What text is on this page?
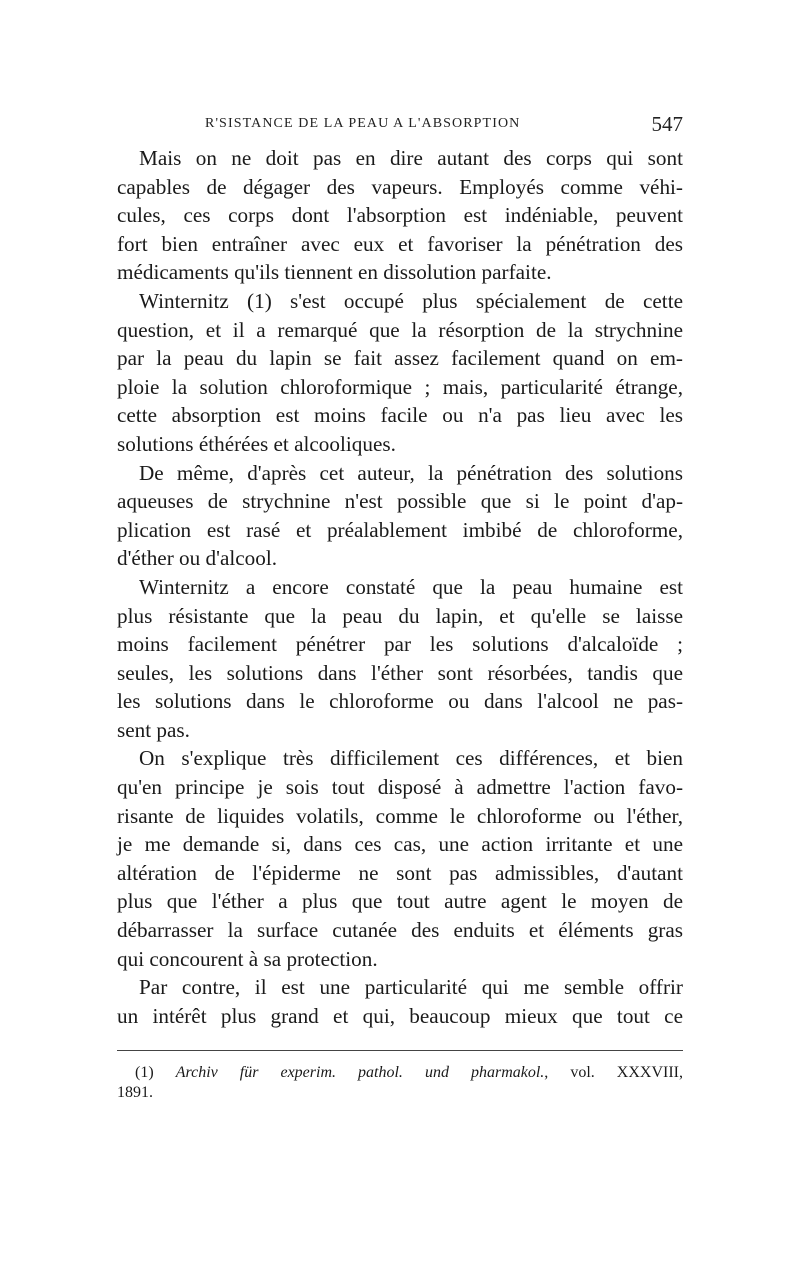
R'SISTANCE DE LA PEAU A L'ABSORPTION	547

Mais on ne doit pas en dire autant des corps qui sont
capables de dégager des vapeurs. Employés comme véhi-
cules, ces corps dont l'absorption est indéniable, peuvent
fort bien entraîner avec eux et favoriser la pénétration des
médicaments qu'ils tiennent en dissolution parfaite.

Winternitz (1) s'est occupé plus spécialement de cette
question, et il a remarqué que la résorption de la strychnine
par la peau du lapin se fait assez facilement quand on em-
ploie la solution chloroformique ; mais, particularité étrange,
cette absorption est moins facile ou n'a pas lieu avec les
solutions éthérées et alcooliques.

De même, d'après cet auteur, la pénétration des solutions
aqueuses de strychnine n'est possible que si le point d'ap-
plication est rasé et préalablement imbibé de chloroforme,
d'éther ou d'alcool.

Winternitz a encore constaté que la peau humaine est
plus résistante que la peau du lapin, et qu'elle se laisse
moins facilement pénétrer par les solutions d'alcaloïde ;
seules, les solutions dans l'éther sont résorbées, tandis que
les solutions dans le chloroforme ou dans l'alcool ne pas-
sent pas.

On s'explique très difficilement ces différences, et bien
qu'en principe je sois tout disposé à admettre l'action favo-
risante de liquides volatils, comme le chloroforme ou l'éther,
je me demande si, dans ces cas, une action irritante et une
altération de l'épiderme ne sont pas admissibles, d'autant
plus que l'éther a plus que tout autre agent le moyen de
débarrasser la surface cutanée des enduits et éléments gras
qui concourent à sa protection.

Par contre, il est une particularité qui me semble offrir
un intérêt plus grand et qui, beaucoup mieux que tout ce

(1) Archiv für experim. pathol. und pharmakol., vol. XXXVIII,
1891.
